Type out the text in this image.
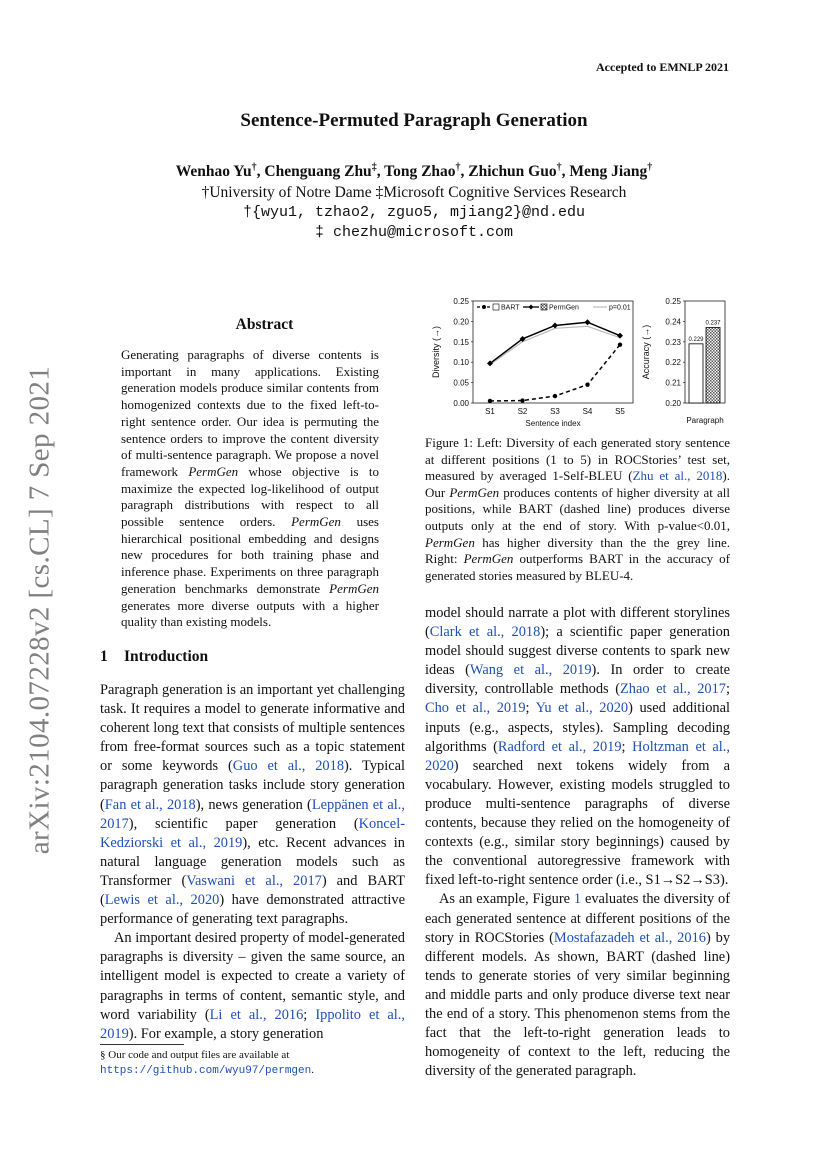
Accepted to EMNLP 2021
Sentence-Permuted Paragraph Generation
Wenhao Yu†, Chenguang Zhu‡, Tong Zhao†, Zhichun Guo†, Meng Jiang†
†University of Notre Dame ‡Microsoft Cognitive Services Research
†{wyu1, tzhao2, zguo5, mjiang2}@nd.edu
‡ chezhu@microsoft.com
arXiv:2104.07228v2 [cs.CL] 7 Sep 2021
Abstract
Generating paragraphs of diverse contents is important in many applications. Existing generation models produce similar contents from homogenized contexts due to the fixed left-to-right sentence order. Our idea is permuting the sentence orders to improve the content diversity of multi-sentence paragraph. We propose a novel framework PermGen whose objective is to maximize the expected log-likelihood of output paragraph distributions with respect to all possible sentence orders. PermGen uses hierarchical positional embedding and designs new procedures for both training phase and inference phase. Experiments on three paragraph generation benchmarks demonstrate PermGen generates more diverse outputs with a higher quality than existing models.
1 Introduction

Paragraph generation is an important yet challenging task. It requires a model to generate informative and coherent long text that consists of multiple sentences from free-format sources such as a topic statement or some keywords (Guo et al., 2018). Typical paragraph generation tasks include story generation (Fan et al., 2018), news generation (Leppänen et al., 2017), scientific paper generation (Koncel-Kedziorski et al., 2019), etc. Recent advances in natural language generation models such as Transformer (Vaswani et al., 2017) and BART (Lewis et al., 2020) have demonstrated attractive performance of generating text paragraphs.

An important desired property of model-generated paragraphs is diversity – given the same source, an intelligent model is expected to create a variety of paragraphs in terms of content, semantic style, and word variability (Li et al., 2016; Ippolito et al., 2019). For example, a story generation

§ Our code and output files are available at https://github.com/wyu97/permgen.
0.00
0.05
0.10
0.15
0.20
0.25
S1	S2	S3	S4	S5
Sentence index
Diversity (→)
BART	PermGen	p=0.01
0.20
0.21
0.22
0.23
0.24
0.25
Accuracy (→)
Paragraph
0.229
0.237
Figure 1: Left: Diversity of each generated story sentence at different positions (1 to 5) in ROCStories’ test set, measured by averaged 1-Self-BLEU (Zhu et al., 2018). Our PermGen produces contents of higher diversity at all positions, while BART (dashed line) produces diverse outputs only at the end of story. With p-value<0.01, PermGen has higher diversity than the the grey line. Right: PermGen outperforms BART in the accuracy of generated stories measured by BLEU-4.

model should narrate a plot with different storylines (Clark et al., 2018); a scientific paper generation model should suggest diverse contents to spark new ideas (Wang et al., 2019). In order to create diversity, controllable methods (Zhao et al., 2017; Cho et al., 2019; Yu et al., 2020) used additional inputs (e.g., aspects, styles). Sampling decoding algorithms (Radford et al., 2019; Holtzman et al., 2020) searched next tokens widely from a vocabulary. However, existing models struggled to produce multi-sentence paragraphs of diverse contents, because they relied on the homogeneity of contexts (e.g., similar story beginnings) caused by the conventional autoregressive framework with fixed left-to-right sentence order (i.e., S1→S2→S3).

As an example, Figure 1 evaluates the diversity of each generated sentence at different positions of the story in ROCStories (Mostafazadeh et al., 2016) by different models. As shown, BART (dashed line) tends to generate stories of very similar beginning and middle parts and only produce diverse text near the end of a story. This phenomenon stems from the fact that the left-to-right generation leads to homogeneity of context to the left, reducing the diversity of the generated paragraph.
